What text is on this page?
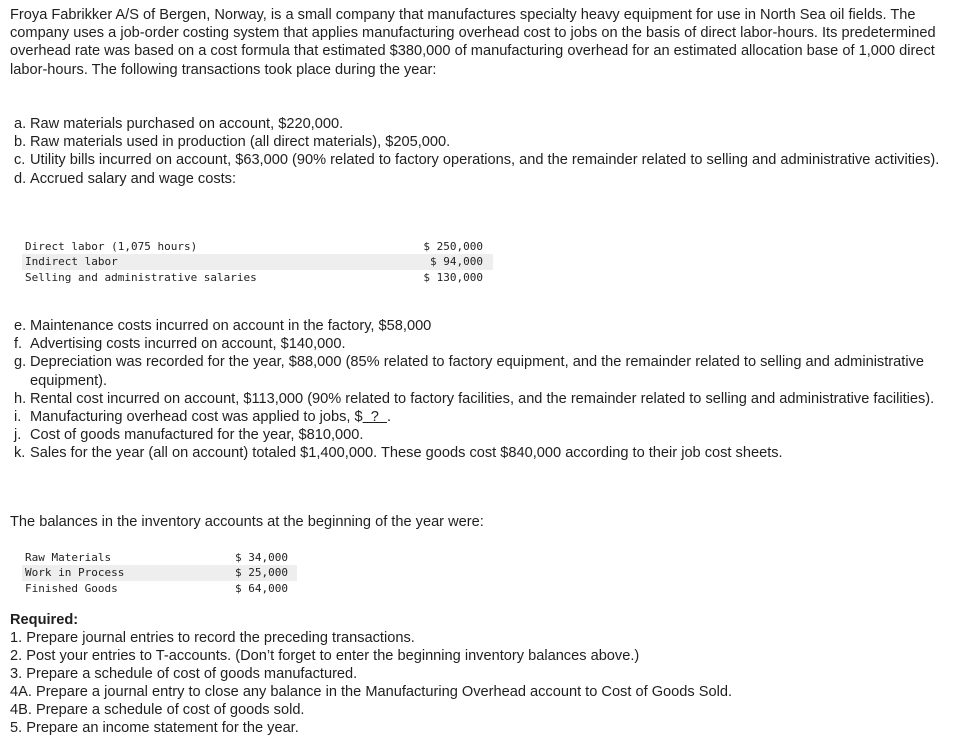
Froya Fabrikker A/S of Bergen, Norway, is a small company that manufactures specialty heavy equipment for use in North Sea oil fields. The company uses a job-order costing system that applies manufacturing overhead cost to jobs on the basis of direct labor-hours. Its predetermined overhead rate was based on a cost formula that estimated $380,000 of manufacturing overhead for an estimated allocation base of 1,000 direct labor-hours. The following transactions took place during the year:

a. Raw materials purchased on account, $220,000.
b. Raw materials used in production (all direct materials), $205,000.
c. Utility bills incurred on account, $63,000 (90% related to factory operations, and the remainder related to selling and administrative activities).
d. Accrued salary and wage costs:
Direct labor (1,075 hours)	$ 250,000
Indirect labor	$ 94,000
Selling and administrative salaries	$ 130,000
e. Maintenance costs incurred on account in the factory, $58,000
f. Advertising costs incurred on account, $140,000.
g. Depreciation was recorded for the year, $88,000 (85% related to factory equipment, and the remainder related to selling and administrative equipment).
h. Rental cost incurred on account, $113,000 (90% related to factory facilities, and the remainder related to selling and administrative facilities).
i. Manufacturing overhead cost was applied to jobs, $  ?  .
j. Cost of goods manufactured for the year, $810,000.
k. Sales for the year (all on account) totaled $1,400,000. These goods cost $840,000 according to their job cost sheets.

The balances in the inventory accounts at the beginning of the year were:

Raw Materials	$ 34,000
Work in Process	$ 25,000
Finished Goods	$ 64,000
Required:
1. Prepare journal entries to record the preceding transactions.
2. Post your entries to T-accounts. (Don’t forget to enter the beginning inventory balances above.)
3. Prepare a schedule of cost of goods manufactured.
4A. Prepare a journal entry to close any balance in the Manufacturing Overhead account to Cost of Goods Sold.
4B. Prepare a schedule of cost of goods sold.
5. Prepare an income statement for the year.
